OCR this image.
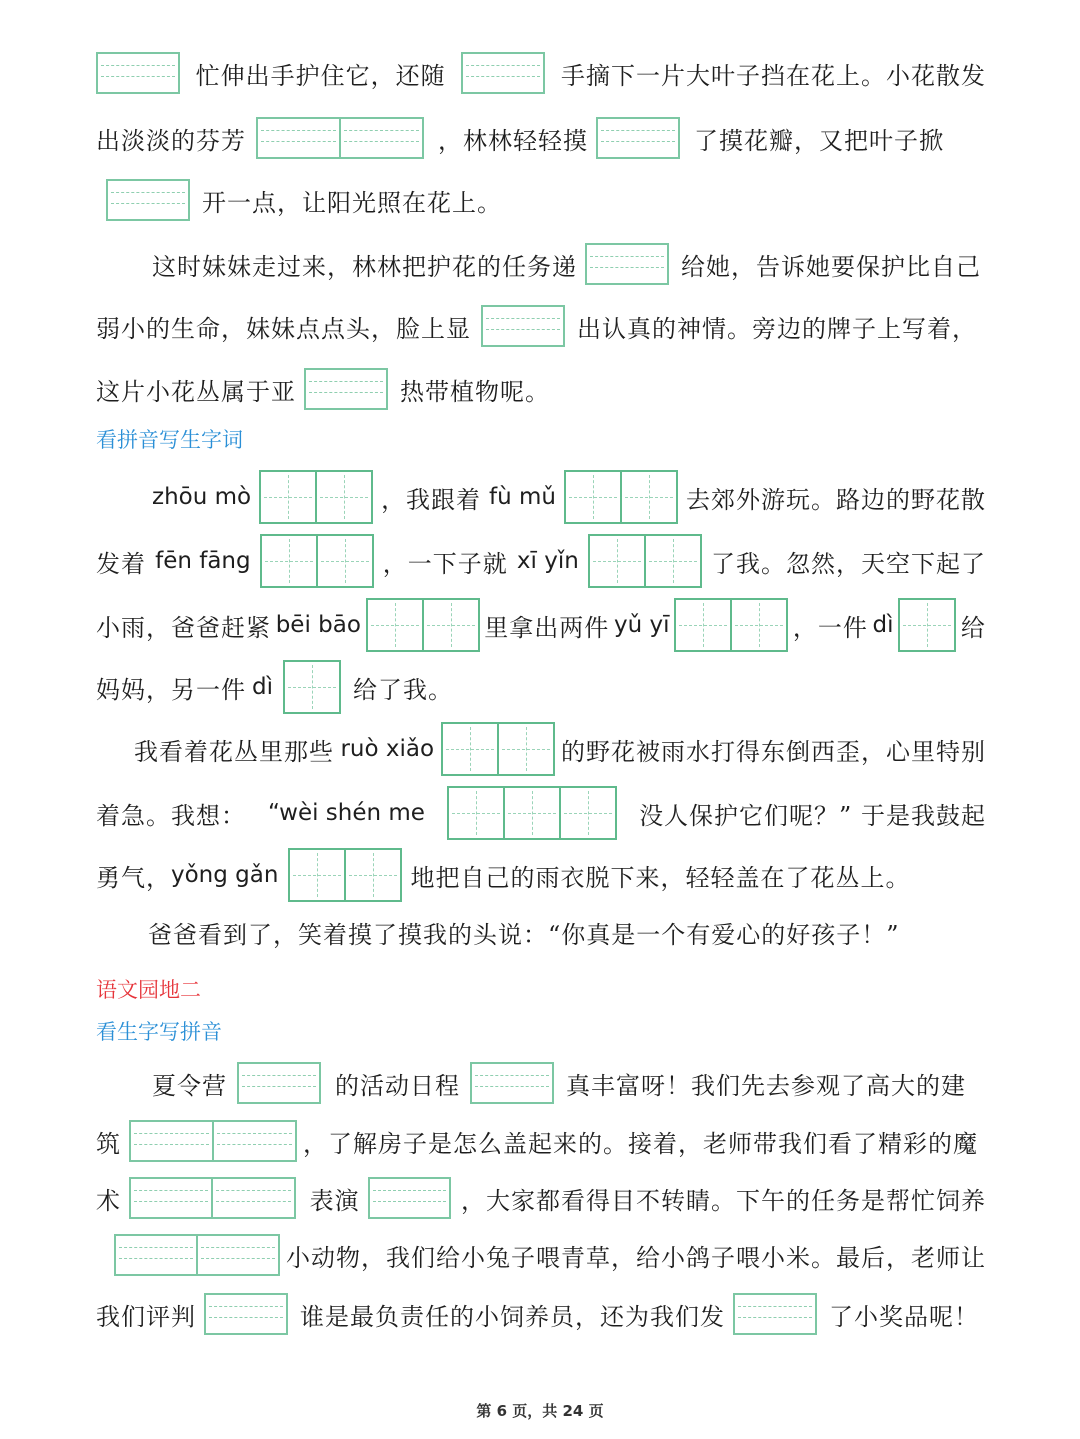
忙伸出手护住它，还随	手摘下一片大叶子挡在花上。小花散发
出淡淡的芬芳	，林林轻轻摸	了摸花瓣，又把叶子掀
开一点，让阳光照在花上。
这时妹妹走过来，林林把护花的任务递	给她，告诉她要保护比自己
弱小的生命，妹妹点点头，脸上显	出认真的神情。旁边的牌子上写着，
这片小花丛属于亚	热带植物呢。
看拼音写生字词
zhōu mò	，我跟着 fù mǔ	去郊外游玩。路边的野花散
发着 fēn fāng	，一下子就 xī yǐn	了我。忽然，天空下起了
小雨，爸爸赶紧 bēi bāo	里拿出两件 yǔ yī	，一件 dì	给
妈妈，另一件 dì	给了我。
我看着花丛里那些 ruò xiǎo	的野花被雨水打得东倒西歪，心里特别
着急。我想： “wèi shén me	没人保护它们呢？” 于是我鼓起
勇气， yǒng gǎn	地把自己的雨衣脱下来，轻轻盖在了花丛上。
爸爸看到了，笑着摸了摸我的头说：“你真是一个有爱心的好孩子！”
语文园地二
看生字写拼音
夏令营	的活动日程	真丰富呀！我们先去参观了高大的建
筑	，了解房子是怎么盖起来的。接着，老师带我们看了精彩的魔
术	表演	，大家都看得目不转睛。下午的任务是帮忙饲养
小动物，我们给小兔子喂青草，给小鸽子喂小米。最后，老师让
我们评判	谁是最负责任的小饲养员，还为我们发	了小奖品呢！
第 6 页，共 24 页
